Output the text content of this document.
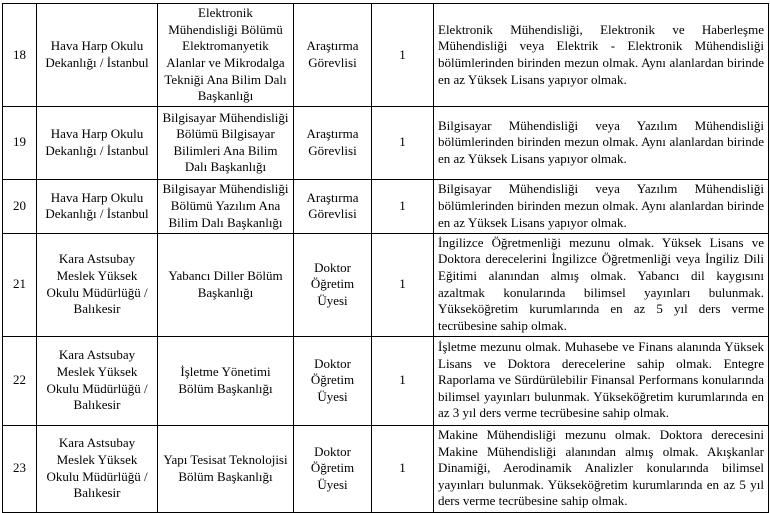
18	Hava Harp Okulu Dekanlığı / İstanbul	Elektronik Mühendisliği Bölümü Elektromanyetik Alanlar ve Mikrodalga Tekniği Ana Bilim Dalı Başkanlığı	Araştırma Görevlisi	1	Elektronik Mühendisliği, Elektronik ve Haberleşme Mühendisliği veya Elektrik - Elektronik Mühendisliği bölümlerinden birinden mezun olmak. Aynı alanlardan birinde en az Yüksek Lisans yapıyor olmak.
19	Hava Harp Okulu Dekanlığı / İstanbul	Bilgisayar Mühendisliği Bölümü Bilgisayar Bilimleri Ana Bilim Dalı Başkanlığı	Araştırma Görevlisi	1	Bilgisayar Mühendisliği veya Yazılım Mühendisliği bölümlerinden birinden mezun olmak. Aynı alanlardan birinde en az Yüksek Lisans yapıyor olmak.
20	Hava Harp Okulu Dekanlığı / İstanbul	Bilgisayar Mühendisliği Bölümü Yazılım Ana Bilim Dalı Başkanlığı	Araştırma Görevlisi	1	Bilgisayar Mühendisliği veya Yazılım Mühendisliği bölümlerinden birinden mezun olmak. Aynı alanlardan birinde en az Yüksek Lisans yapıyor olmak.
21	Kara Astsubay Meslek Yüksek Okulu Müdürlüğü / Balıkesir	Yabancı Diller Bölüm Başkanlığı	Doktor Öğretim Üyesi	1	İngilizce Öğretmenliği mezunu olmak. Yüksek Lisans ve Doktora derecelerini İngilizce Öğretmenliği veya İngiliz Dili Eğitimi alanından almış olmak. Yabancı dil kaygısını azaltmak konularında bilimsel yayınları bulunmak. Yükseköğretim kurumlarında en az 5 yıl ders verme tecrübesine sahip olmak.
22	Kara Astsubay Meslek Yüksek Okulu Müdürlüğü / Balıkesir	İşletme Yönetimi Bölüm Başkanlığı	Doktor Öğretim Üyesi	1	İşletme mezunu olmak. Muhasebe ve Finans alanında Yüksek Lisans ve Doktora derecelerine sahip olmak. Entegre Raporlama ve Sürdürülebilir Finansal Performans konularında bilimsel yayınları bulunmak. Yükseköğretim kurumlarında en az 3 yıl ders verme tecrübesine sahip olmak.
23	Kara Astsubay Meslek Yüksek Okulu Müdürlüğü / Balıkesir	Yapı Tesisat Teknolojisi Bölüm Başkanlığı	Doktor Öğretim Üyesi	1	Makine Mühendisliği mezunu olmak. Doktora derecesini Makine Mühendisliği alanından almış olmak. Akışkanlar Dinamiği, Aerodinamik Analizler konularında bilimsel yayınları bulunmak. Yükseköğretim kurumlarında en az 5 yıl ders verme tecrübesine sahip olmak.
